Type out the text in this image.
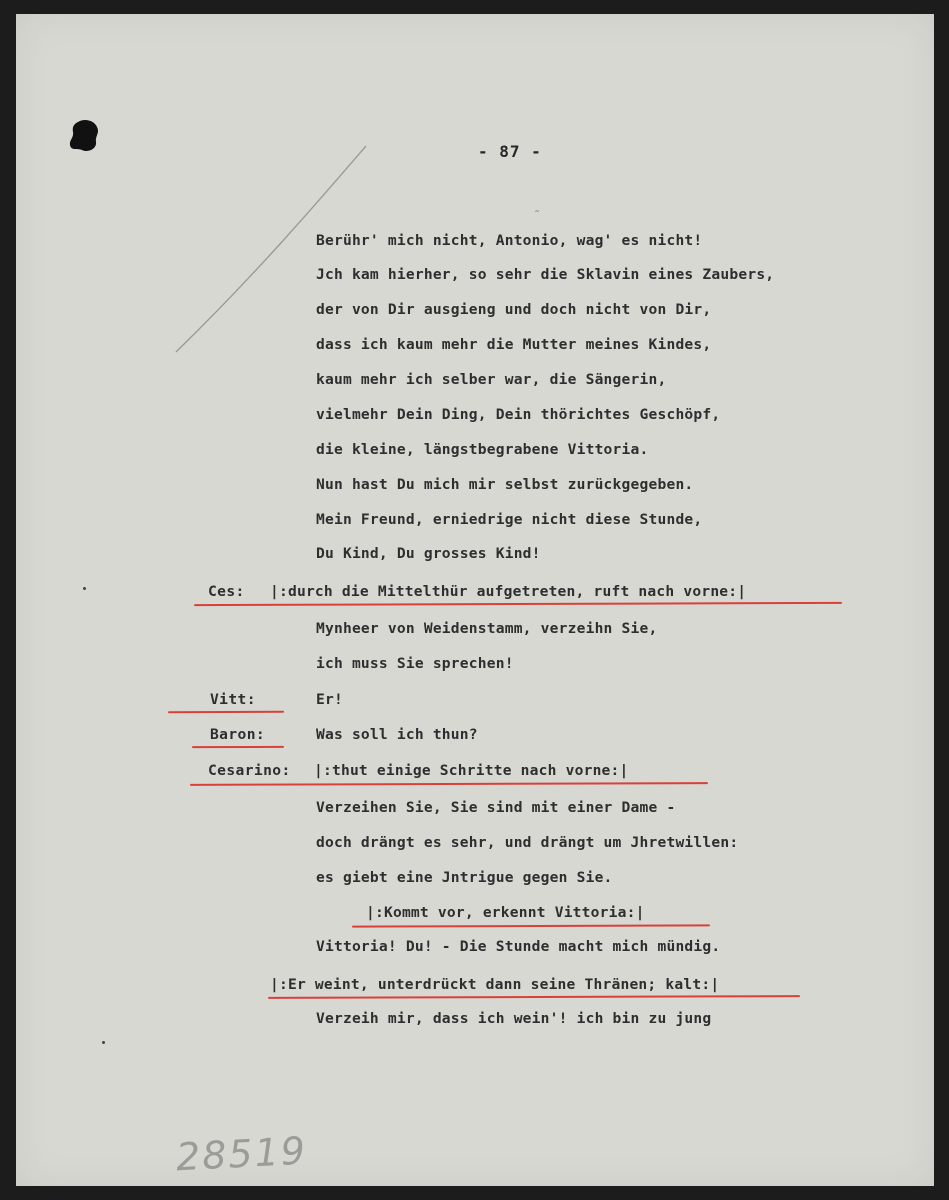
- 87 -
˜
Berühr' mich nicht, Antonio, wag' es nicht!
Jch kam hierher, so sehr die Sklavin eines Zaubers,
der von Dir ausgieng und doch nicht von Dir,
dass ich kaum mehr die Mutter meines Kindes,
kaum mehr ich selber war, die Sängerin,
vielmehr Dein Ding, Dein thörichtes Geschöpf,
die kleine, längstbegrabene Vittoria.
Nun hast Du mich mir selbst zurückgegeben.
Mein Freund, erniedrige nicht diese Stunde,
Du Kind, Du grosses Kind!
Ces: |:durch die Mittelthür aufgetreten, ruft nach vorne:|
Mynheer von Weidenstamm, verzeihn Sie,
ich muss Sie sprechen!
Vitt:	Er!
Baron:	Was soll ich thun?
Cesarino: |:thut einige Schritte nach vorne:|
Verzeihen Sie, Sie sind mit einer Dame -
doch drängt es sehr, und drängt um Jhretwillen:
es giebt eine Jntrigue gegen Sie.
|:Kommt vor, erkennt Vittoria:|
Vittoria! Du! - Die Stunde macht mich mündig.
|:Er weint, unterdrückt dann seine Thränen; kalt:|
Verzeih mir, dass ich wein'! ich bin zu jung
28519
